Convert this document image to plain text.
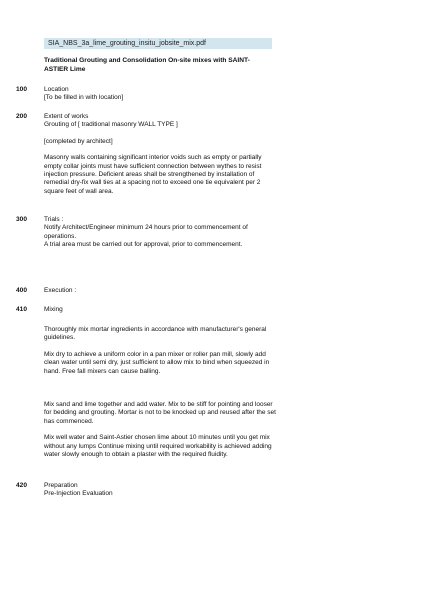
SIA_NBS_3a_lime_grouting_insitu_jobsite_mix.pdf
Traditional Grouting and Consolidation On-site mixes with SAINT-ASTIER Lime
100	Location
[To be filled in with location]
200	Extent of works
Grouting of [ traditional masonry WALL TYPE ]
[completed by architect]
Masonry walls containing significant interior voids such as empty or partially empty collar joints must have sufficient connection between wythes to resist injection pressure. Deficient areas shall be strengthened by installation of remedial dry-fix wall ties at a spacing not to exceed one tie equivalent per 2 square feet of wall area.
300	Trials :
Notify Architect/Engineer minimum 24 hours prior to commencement of operations.
A trial area must be carried out for approval, prior to commencement.
400	Execution :
410	Mixing
Thoroughly mix mortar ingredients in accordance with manufacturer's general guidelines.
Mix dry to achieve a uniform color in a pan mixer or roller pan mill, slowly add clean water until semi dry, just sufficient to allow mix to bind when squeezed in hand. Free fall mixers can cause balling.
Mix sand and lime together and add water. Mix to be stiff for pointing and looser for bedding and grouting. Mortar is not to be knocked up and reused after the set has commenced.
Mix well water and Saint-Astier chosen lime about 10 minutes until you get mix without any lumps Continue mixing until required workability is achieved adding water slowly enough to obtain a plaster with the required fluidity.
420	Preparation
Pre-Injection Evaluation
